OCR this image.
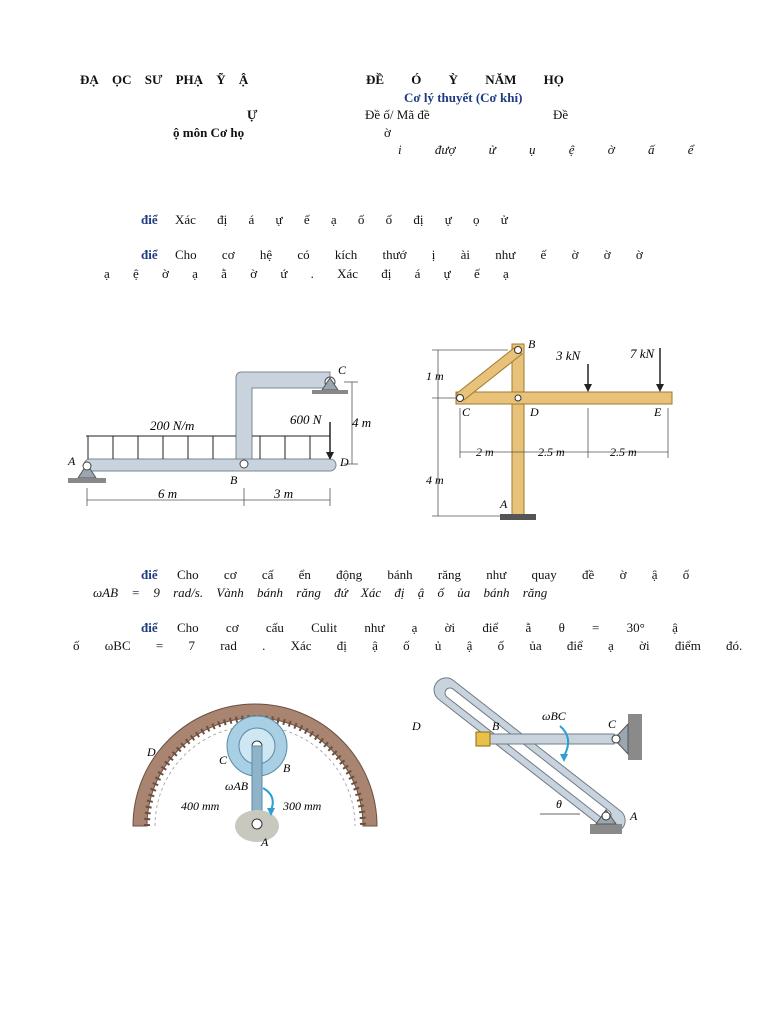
ĐẠ ỌC SƯ PHẠ Ỹ Ậ	ĐỀ Ó Ỳ NĂM HỌ
Cơ lý thuyết (Cơ khí)
Ự	Đề ố/ Mã đề	Đề
ộ môn Cơ họ	ờ
i đượ ử ụ ệ ờ ấ ể
điể Xác đị á ự ế ạ ố ố đị ự ọ ử
điể Cho cơ hệ có kích thướ ị ài như ế ờ ờ ờ
ạ ệ ờ ạ ằ ờ ứ . Xác đị á ự ế ạ
điể Cho cơ cấ ển động bánh răng như quay đề ờ ậ ố
ωAB = 9 rad/s. Vành bánh răng đứ Xác đị ậ ố ủa bánh răng
điể Cho cơ cấu Culit như ạ ời điể ằ θ = 30° ậ
ố ωBC = 7 rad . Xác đị ậ ố ủ ậ ố ủa điể ạ ời điểm đó.
200 N/m	600 N 4 m
6 m	3 m
A
B
C
D
3 kN	7 kN
1 m
4 m
2 m	2.5 m	2.5 m
A
B
C	D	E
ωAB
400 mm	300 mm
A
B
C
D
ωBC
θ
A
B	C
D
